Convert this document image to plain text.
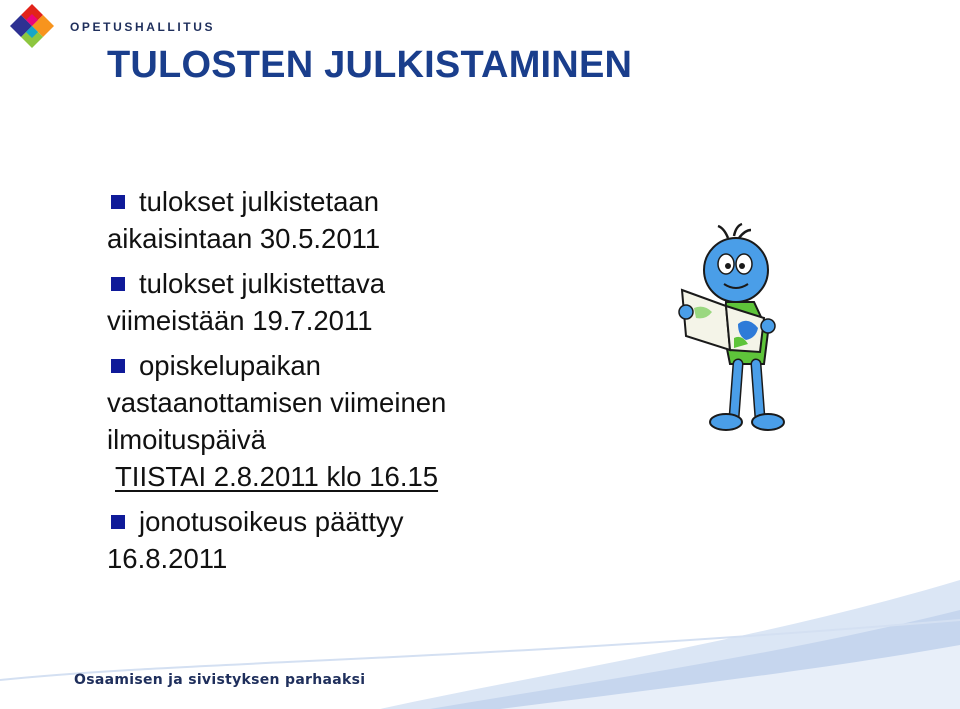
OPETUSHALLITUS
TULOSTEN JULKISTAMINEN
tulokset julkistetaan
aikaisintaan 30.5.2011
tulokset julkistettava
viimeistään 19.7.2011
opiskelupaikan
vastaanottamisen viimeinen
ilmoituspäivä
TIISTAI 2.8.2011 klo 16.15
jonotusoikeus päättyy
16.8.2011
Osaamisen ja sivistyksen parhaaksi
